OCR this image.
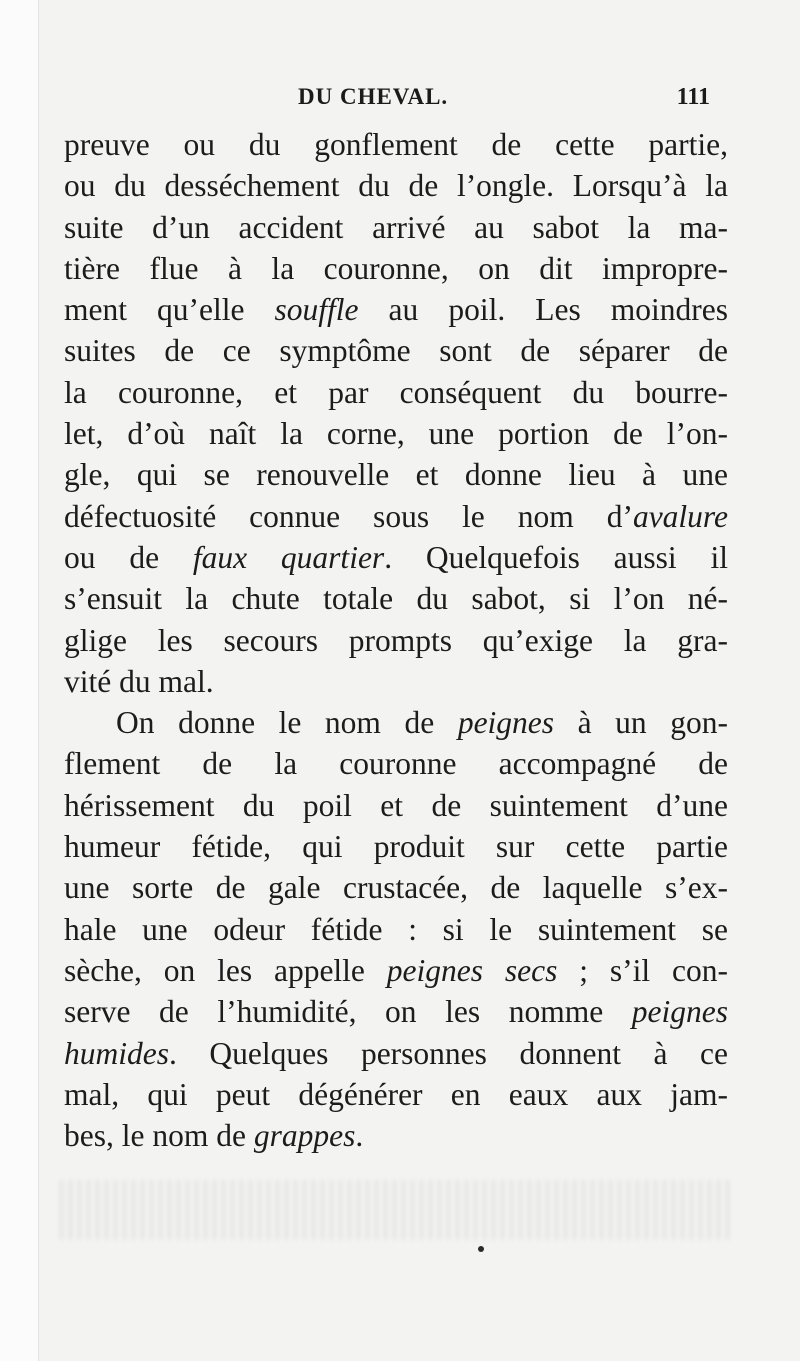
DU CHEVAL.	111
preuve ou du gonflement de cette partie,
ou du desséchement du de l’ongle. Lorsqu’à la
suite d’un accident arrivé au sabot la ma-
tière flue à la couronne, on dit impropre-
ment qu’elle souffle au poil. Les moindres
suites de ce symptôme sont de séparer de
la couronne, et par conséquent du bourre-
let, d’où naît la corne, une portion de l’on-
gle, qui se renouvelle et donne lieu à une
défectuosité connue sous le nom d’avalure
ou de faux quartier. Quelquefois aussi il
s’ensuit la chute totale du sabot, si l’on né-
glige les secours prompts qu’exige la gra-
vité du mal.
On donne le nom de peignes à un gon-
flement de la couronne accompagné de
hérissement du poil et de suintement d’une
humeur fétide, qui produit sur cette partie
une sorte de gale crustacée, de laquelle s’ex-
hale une odeur fétide : si le suintement se
sèche, on les appelle peignes secs ; s’il con-
serve de l’humidité, on les nomme peignes
humides. Quelques personnes donnent à ce
mal, qui peut dégénérer en eaux aux jam-
bes, le nom de grappes.
